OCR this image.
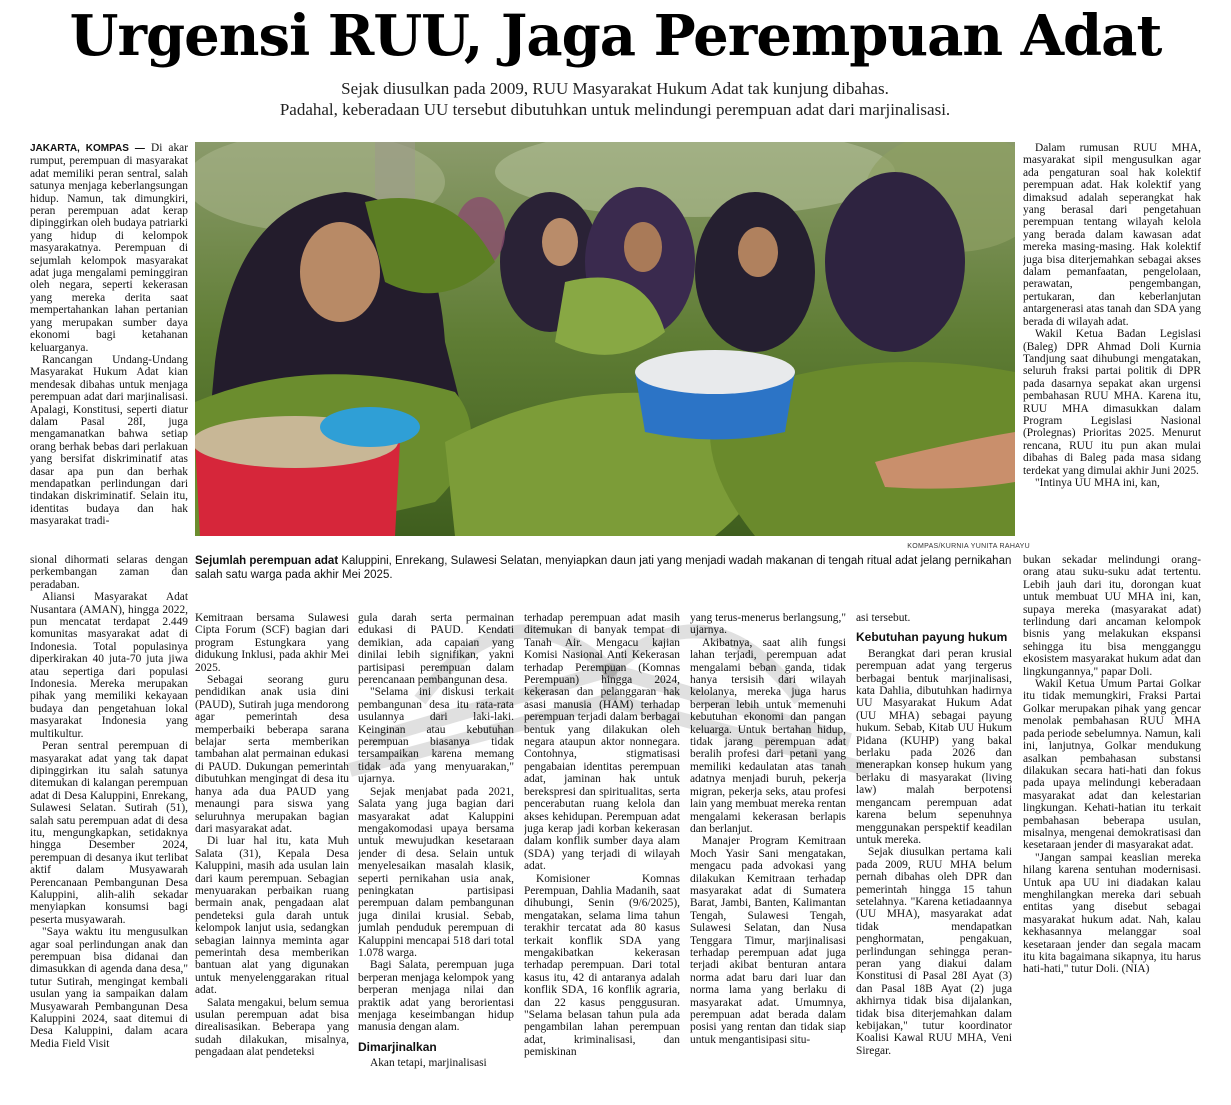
Urgensi RUU, Jaga Perempuan Adat
Sejak diusulkan pada 2009, RUU Masyarakat Hukum Adat tak kunjung dibahas.
Padahal, keberadaan UU tersebut dibutuhkan untuk melindungi perempuan adat dari marjinalisasi.

JAKARTA, KOMPAS — Di akar rumput, perempuan di masyarakat adat memiliki peran sentral, salah satunya menjaga keberlangsungan hidup. Namun, tak dimungkiri, peran perempuan adat kerap dipinggirkan oleh budaya patriarki yang hidup di kelompok masyarakatnya. Perempuan di sejumlah kelompok masyarakat adat juga mengalami peminggiran oleh negara, seperti kekerasan yang mereka derita saat mempertahankan lahan pertanian yang merupakan sumber daya ekonomi bagi ketahanan keluarganya.

Rancangan Undang-Undang Masyarakat Hukum Adat kian mendesak dibahas untuk menjaga perempuan adat dari marjinalisasi. Apalagi, Konstitusi, seperti diatur dalam Pasal 28I, juga mengamanatkan bahwa setiap orang berhak bebas dari perlakuan yang bersifat diskriminatif atas dasar apa pun dan berhak mendapatkan perlindungan dari tindakan diskriminatif. Selain itu, identitas budaya dan hak masyarakat tradi-

KOMPAS/KURNIA YUNITA RAHAYU
Sejumlah perempuan adat Kaluppini, Enrekang, Sulawesi Selatan, menyiapkan daun jati yang menjadi wadah makanan di tengah ritual adat jelang pernikahan salah satu warga pada akhir Mei 2025.

sional dihormati selaras dengan perkembangan zaman dan peradaban.

Aliansi Masyarakat Adat Nusantara (AMAN), hingga 2022, pun mencatat terdapat 2.449 komunitas masyarakat adat di Indonesia. Total populasinya diperkirakan 40 juta-70 juta jiwa atau sepertiga dari populasi Indonesia. Mereka merupakan pihak yang memiliki kekayaan budaya dan pengetahuan lokal masyarakat Indonesia yang multikultur.

Peran sentral perempuan di masyarakat adat yang tak dapat dipinggirkan itu salah satunya ditemukan di kalangan perempuan adat di Desa Kaluppini, Enrekang, Sulawesi Selatan. Sutirah (51), salah satu perempuan adat di desa itu, mengungkapkan, setidaknya hingga Desember 2024, perempuan di desanya ikut terlibat aktif dalam Musyawarah Perencanaan Pembangunan Desa Kaluppini, alih-alih sekadar menyiapkan konsumsi bagi peserta musyawarah.

"Saya waktu itu mengusulkan agar soal perlindungan anak dan perempuan bisa didanai dan dimasukkan di agenda dana desa," tutur Sutirah, mengingat kembali usulan yang ia sampaikan dalam Musyawarah Pembangunan Desa Kaluppini 2024, saat ditemui di Desa Kaluppini, dalam acara Media Field Visit

Kemitraan bersama Sulawesi Cipta Forum (SCF) bagian dari program Estungkara yang didukung Inklusi, pada akhir Mei 2025.

Sebagai seorang guru pendidikan anak usia dini (PAUD), Sutirah juga mendorong agar pemerintah desa memperbaiki beberapa sarana belajar serta memberikan tambahan alat permainan edukasi di PAUD. Dukungan pemerintah dibutuhkan mengingat di desa itu hanya ada dua PAUD yang menaungi para siswa yang seluruhnya merupakan bagian dari masyarakat adat.

Di luar hal itu, kata Muh Salata (31), Kepala Desa Kaluppini, masih ada usulan lain dari kaum perempuan. Sebagian menyuarakan perbaikan ruang bermain anak, pengadaan alat pendeteksi gula darah untuk kelompok lanjut usia, sedangkan sebagian lainnya meminta agar pemerintah desa memberikan bantuan alat yang digunakan untuk menyelenggarakan ritual adat.

Salata mengakui, belum semua usulan perempuan adat bisa direalisasikan. Beberapa yang sudah dilakukan, misalnya, pengadaan alat pendeteksi

gula darah serta permainan edukasi di PAUD. Kendati demikian, ada capaian yang dinilai lebih signifikan, yakni partisipasi perempuan dalam perencanaan pembangunan desa.

"Selama ini diskusi terkait pembangunan desa itu rata-rata usulannya dari laki-laki. Keinginan atau kebutuhan perempuan biasanya tidak tersampaikan karena memang tidak ada yang menyuarakan," ujarnya.

Sejak menjabat pada 2021, Salata yang juga bagian dari masyarakat adat Kaluppini mengakomodasi upaya bersama untuk mewujudkan kesetaraan jender di desa. Selain untuk menyelesaikan masalah klasik, seperti pernikahan usia anak, peningkatan partisipasi perempuan dalam pembangunan juga dinilai krusial. Sebab, jumlah penduduk perempuan di Kaluppini mencapai 518 dari total 1.078 warga.

Bagi Salata, perempuan juga berperan menjaga kelompok yang berperan menjaga nilai dan praktik adat yang berorientasi menjaga keseimbangan hidup manusia dengan alam.

Dimarjinalkan

Akan tetapi, marjinalisasi

terhadap perempuan adat masih ditemukan di banyak tempat di Tanah Air. Mengacu kajian Komisi Nasional Anti Kekerasan terhadap Perempuan (Komnas Perempuan) hingga 2024, kekerasan dan pelanggaran hak asasi manusia (HAM) terhadap perempuan terjadi dalam berbagai bentuk yang dilakukan oleh negara ataupun aktor nonnegara. Contohnya, stigmatisasi pengabaian identitas perempuan adat, jaminan hak untuk berekspresi dan spiritualitas, serta pencerabutan ruang kelola dan akses kehidupan. Perempuan adat juga kerap jadi korban kekerasan dalam konflik sumber daya alam (SDA) yang terjadi di wilayah adat.

Komisioner Komnas Perempuan, Dahlia Madanih, saat dihubungi, Senin (9/6/2025), mengatakan, selama lima tahun terakhir tercatat ada 80 kasus terkait konflik SDA yang mengakibatkan kekerasan terhadap perempuan. Dari total kasus itu, 42 di antaranya adalah konflik SDA, 16 konflik agraria, dan 22 kasus penggusuran. "Selama belasan tahun pula ada pengambilan lahan perempuan adat, kriminalisasi, dan pemiskinan

yang terus-menerus berlangsung," ujarnya.

Akibatnya, saat alih fungsi lahan terjadi, perempuan adat mengalami beban ganda, tidak hanya tersisih dari wilayah kelolanya, mereka juga harus berperan lebih untuk memenuhi kebutuhan ekonomi dan pangan keluarga. Untuk bertahan hidup, tidak jarang perempuan adat beralih profesi dari petani yang memiliki kedaulatan atas tanah adatnya menjadi buruh, pekerja migran, pekerja seks, atau profesi lain yang membuat mereka rentan mengalami kekerasan berlapis dan berlanjut.

Manajer Program Kemitraan Moch Yasir Sani mengatakan, mengacu pada advokasi yang dilakukan Kemitraan terhadap masyarakat adat di Sumatera Barat, Jambi, Banten, Kalimantan Tengah, Sulawesi Tengah, Sulawesi Selatan, dan Nusa Tenggara Timur, marjinalisasi terhadap perempuan adat juga terjadi akibat benturan antara norma adat baru dari luar dan norma lama yang berlaku di masyarakat adat. Umumnya, perempuan adat berada dalam posisi yang rentan dan tidak siap untuk mengantisipasi situ-

asi tersebut.

Kebutuhan payung hukum

Berangkat dari peran krusial perempuan adat yang tergerus berbagai bentuk marjinalisasi, kata Dahlia, dibutuhkan hadirnya UU Masyarakat Hukum Adat (UU MHA) sebagai payung hukum. Sebab, Kitab UU Hukum Pidana (KUHP) yang bakal berlaku pada 2026 dan menerapkan konsep hukum yang berlaku di masyarakat (living law) malah berpotensi mengancam perempuan adat karena belum sepenuhnya menggunakan perspektif keadilan untuk mereka.

Sejak diusulkan pertama kali pada 2009, RUU MHA belum pernah dibahas oleh DPR dan pemerintah hingga 15 tahun setelahnya. "Karena ketiadaannya (UU MHA), masyarakat adat tidak mendapatkan penghormatan, pengakuan, perlindungan sehingga peran-peran yang diakui dalam Konstitusi di Pasal 28I Ayat (3) dan Pasal 18B Ayat (2) juga akhirnya tidak bisa dijalankan, tidak bisa diterjemahkan dalam kebijakan," tutur koordinator Koalisi Kawal RUU MHA, Veni Siregar.

Dalam rumusan RUU MHA, masyarakat sipil mengusulkan agar ada pengaturan soal hak kolektif perempuan adat. Hak kolektif yang dimaksud adalah seperangkat hak yang berasal dari pengetahuan perempuan tentang wilayah kelola yang berada dalam kawasan adat mereka masing-masing. Hak kolektif juga bisa diterjemahkan sebagai akses dalam pemanfaatan, pengelolaan, perawatan, pengembangan, pertukaran, dan keberlanjutan antargenerasi atas tanah dan SDA yang berada di wilayah adat.

Wakil Ketua Badan Legislasi (Baleg) DPR Ahmad Doli Kurnia Tandjung saat dihubungi mengatakan, seluruh fraksi partai politik di DPR pada dasarnya sepakat akan urgensi pembahasan RUU MHA. Karena itu, RUU MHA dimasukkan dalam Program Legislasi Nasional (Prolegnas) Prioritas 2025. Menurut rencana, RUU itu pun akan mulai dibahas di Baleg pada masa sidang terdekat yang dimulai akhir Juni 2025.

"Intinya UU MHA ini, kan,

bukan sekadar melindungi orang-orang atau suku-suku adat tertentu. Lebih jauh dari itu, dorongan kuat untuk membuat UU MHA ini, kan, supaya mereka (masyarakat adat) terlindung dari ancaman kelompok bisnis yang melakukan ekspansi sehingga itu bisa mengganggu ekosistem masyarakat hukum adat dan lingkungannya," papar Doli.

Wakil Ketua Umum Partai Golkar itu tidak memungkiri, Fraksi Partai Golkar merupakan pihak yang gencar menolak pembahasan RUU MHA pada periode sebelumnya. Namun, kali ini, lanjutnya, Golkar mendukung asalkan pembahasan substansi dilakukan secara hati-hati dan fokus pada upaya melindungi keberadaan masyarakat adat dan kelestarian lingkungan. Kehati-hatian itu terkait pembahasan beberapa usulan, misalnya, mengenai demokratisasi dan kesetaraan jender di masyarakat adat.

"Jangan sampai keaslian mereka hilang karena sentuhan modernisasi. Untuk apa UU ini diadakan kalau menghilangkan mereka dari sebuah entitas yang disebut sebagai masyarakat hukum adat. Nah, kalau kekhasannya melanggar soal kesetaraan jender dan segala macam itu kita bagaimana sikapnya, itu harus hati-hati," tutur Doli. (NIA)
